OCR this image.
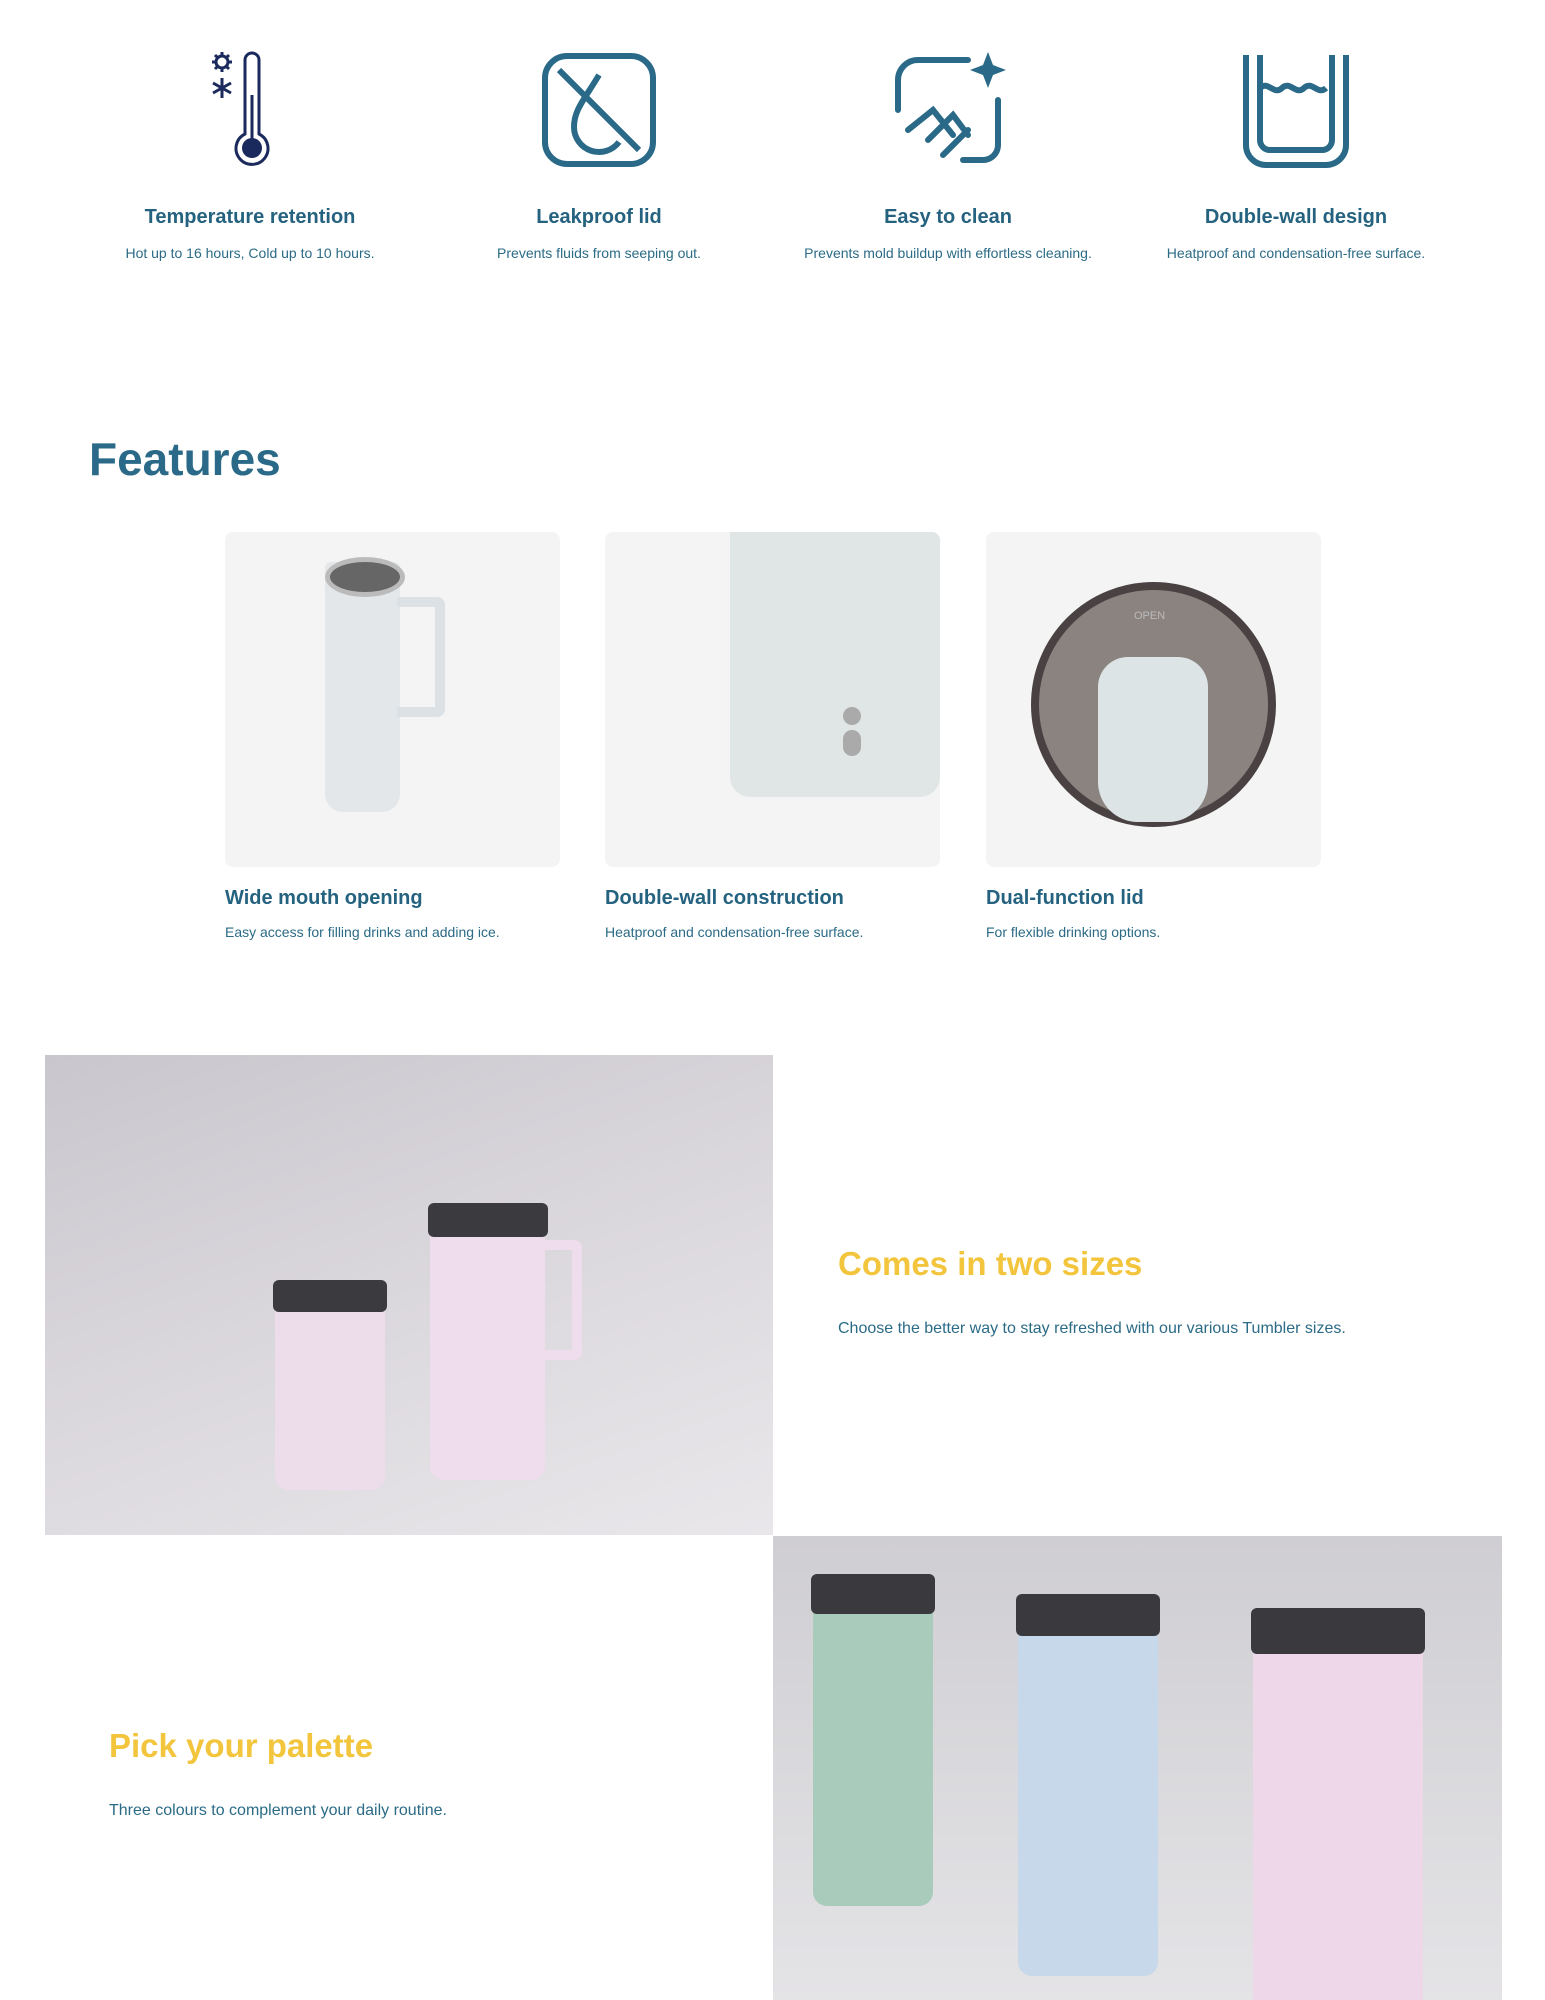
Temperature retention

Hot up to 16 hours, Cold up to 10 hours.

Leakproof lid

Prevents fluids from seeping out.

Easy to clean

Prevents mold buildup with effortless cleaning.

Double-wall design

Heatproof and condensation-free surface.

Features
Wide mouth opening

Easy access for filling drinks and adding ice.

Double-wall construction

Heatproof and condensation-free surface.

OPEN
Dual-function lid

For flexible drinking options.

Comes in two sizes
Choose the better way to stay refreshed with our various Tumbler sizes.
Pick your palette
Three colours to complement your daily routine.
